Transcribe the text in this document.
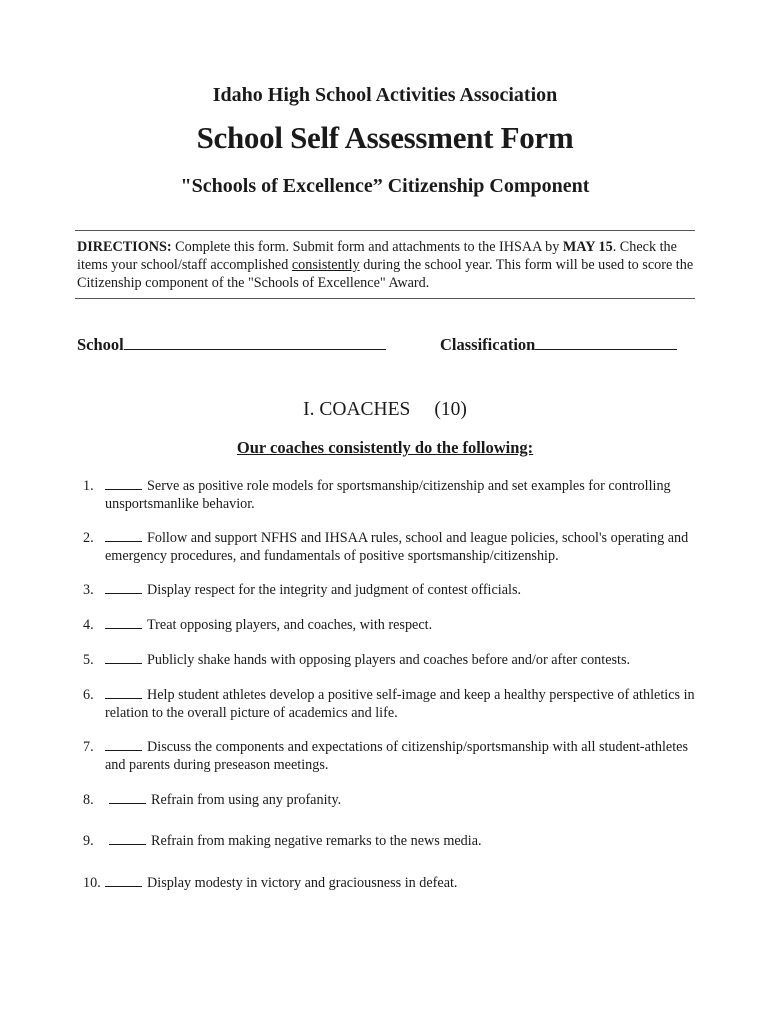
Idaho High School Activities Association
School Self Assessment Form
"Schools of Excellence” Citizenship Component
DIRECTIONS: Complete this form. Submit form and attachments to the IHSAA by MAY 15. Check the items your school/staff accomplished consistently during the school year. This form will be used to score the Citizenship component of the "Schools of Excellence" Award.
School	Classification
I. COACHES (10)
Our coaches consistently do the following:
1.	Serve as positive role models for sportsmanship/citizenship and set examples for controlling unsportsmanlike behavior.
2.	Follow and support NFHS and IHSAA rules, school and league policies, school's operating and emergency procedures, and fundamentals of positive sportsmanship/citizenship.
3.	Display respect for the integrity and judgment of contest officials.
4.	Treat opposing players, and coaches, with respect.
5.	Publicly shake hands with opposing players and coaches before and/or after contests.
6.	Help student athletes develop a positive self-image and keep a healthy perspective of athletics in relation to the overall picture of academics and life.
7.	Discuss the components and expectations of citizenship/sportsmanship with all student-athletes and parents during preseason meetings.
8.	Refrain from using any profanity.
9.	Refrain from making negative remarks to the news media.
10.	Display modesty in victory and graciousness in defeat.
